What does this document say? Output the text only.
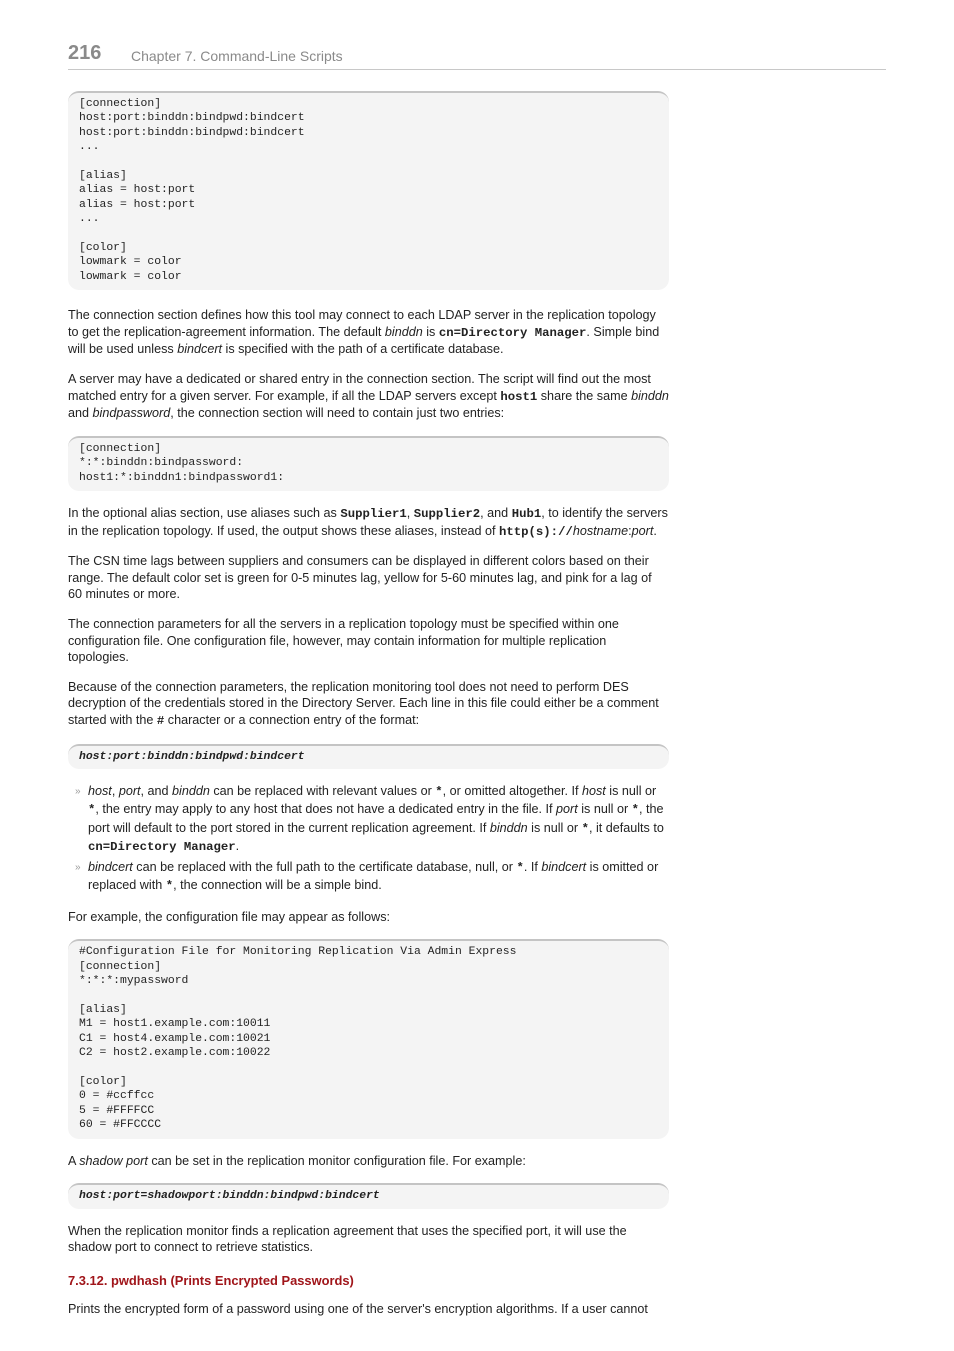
216 Chapter 7. Command-Line Scripts
[connection]
host:port:binddn:bindpwd:bindcert
host:port:binddn:bindpwd:bindcert
...

[alias]
alias = host:port
alias = host:port
...

[color]
lowmark = color
lowmark = color

The connection section defines how this tool may connect to each LDAP server in the replication topology to get the replication-agreement information. The default binddn is cn=Directory Manager. Simple bind will be used unless bindcert is specified with the path of a certificate database.

A server may have a dedicated or shared entry in the connection section. The script will find out the most matched entry for a given server. For example, if all the LDAP servers except host1 share the same binddn and bindpassword, the connection section will need to contain just two entries:

[connection]
*:*:binddn:bindpassword:
host1:*:binddn1:bindpassword1:

In the optional alias section, use aliases such as Supplier1, Supplier2, and Hub1, to identify the servers in the replication topology. If used, the output shows these aliases, instead of http(s)://hostname:port.

The CSN time lags between suppliers and consumers can be displayed in different colors based on their range. The default color set is green for 0-5 minutes lag, yellow for 5-60 minutes lag, and pink for a lag of 60 minutes or more.

The connection parameters for all the servers in a replication topology must be specified within one configuration file. One configuration file, however, may contain information for multiple replication topologies.

Because of the connection parameters, the replication monitoring tool does not need to perform DES decryption of the credentials stored in the Directory Server. Each line in this file could either be a comment started with the # character or a connection entry of the format:

host:port:binddn:bindpwd:bindcert
» host, port, and binddn can be replaced with relevant values or *, or omitted altogether. If host is null or *, the entry may apply to any host that does not have a dedicated entry in the file. If port is null or *, the port will default to the port stored in the current replication agreement. If binddn is null or *, it defaults to cn=Directory Manager.
» bindcert can be replaced with the full path to the certificate database, null, or *. If bindcert is omitted or replaced with *, the connection will be a simple bind.

For example, the configuration file may appear as follows:

#Configuration File for Monitoring Replication Via Admin Express
[connection]
*:*:*:mypassword

[alias]
M1 = host1.example.com:10011
C1 = host4.example.com:10021
C2 = host2.example.com:10022

[color]
0 = #ccffcc
5 = #FFFFCC
60 = #FFCCCC

A shadow port can be set in the replication monitor configuration file. For example:

host:port=shadowport:binddn:bindpwd:bindcert

When the replication monitor finds a replication agreement that uses the specified port, it will use the shadow port to connect to retrieve statistics.

7.3.12. pwdhash (Prints Encrypted Passwords)

Prints the encrypted form of a password using one of the server's encryption algorithms. If a user cannot
